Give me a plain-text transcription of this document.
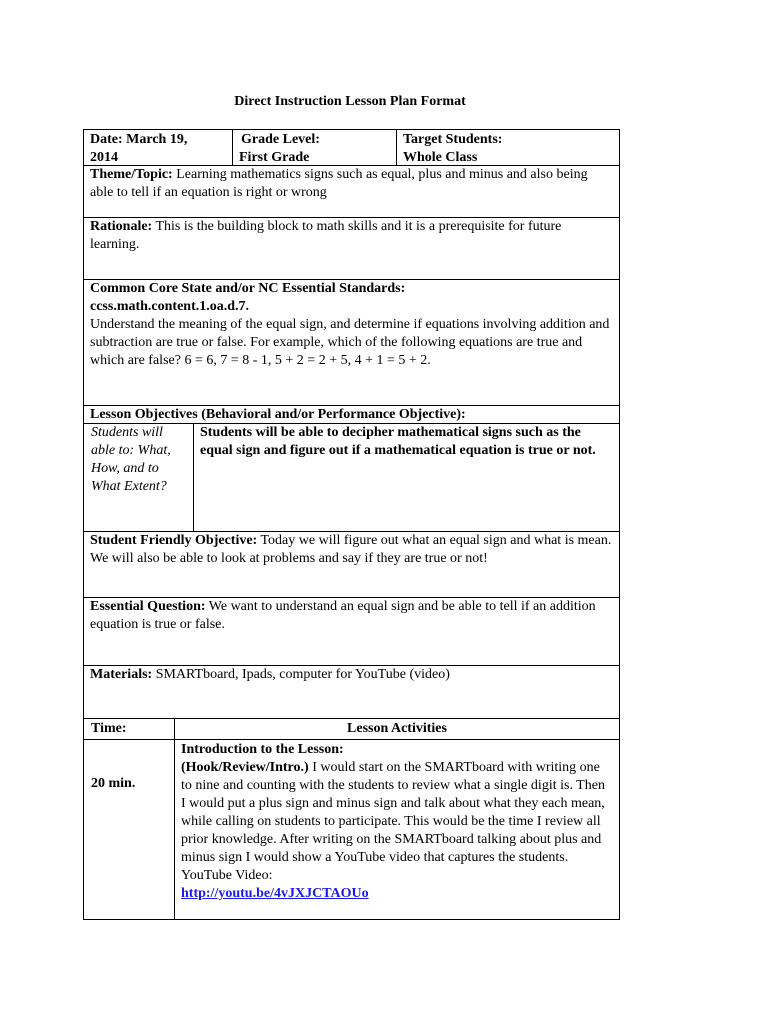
Direct Instruction Lesson Plan Format
Date: March 19,
2014
Grade Level:
First Grade
Target Students:
Whole Class
Theme/Topic: Learning mathematics signs such as equal, plus and minus and also being able to tell if an equation is right or wrong
Rationale: This is the building block to math skills and it is a prerequisite for future learning.
Common Core State and/or NC Essential Standards:
ccss.math.content.1.oa.d.7.
Understand the meaning of the equal sign, and determine if equations involving addition and subtraction are true or false. For example, which of the following equations are true and which are false? 6 = 6, 7 = 8 - 1, 5 + 2 = 2 + 5, 4 + 1 = 5 + 2.
Lesson Objectives (Behavioral and/or Performance Objective):
Students will able to: What, How, and to What Extent?
Students will be able to decipher mathematical signs such as the equal sign and figure out if a mathematical equation is true or not.
Student Friendly Objective: Today we will figure out what an equal sign and what is mean. We will also be able to look at problems and say if they are true or not!
Essential Question: We want to understand an equal sign and be able to tell if an addition equation is true or false.
Materials: SMARTboard, Ipads, computer for YouTube (video)
Time:	Lesson Activities
20 min.
Introduction to the Lesson:
(Hook/Review/Intro.) I would start on the SMARTboard with writing one to nine and counting with the students to review what a single digit is. Then I would put a plus sign and minus sign and talk about what they each mean, while calling on students to participate. This would be the time I review all prior knowledge. After writing on the SMARTboard talking about plus and minus sign I would show a YouTube video that captures the students.
YouTube Video:
http://youtu.be/4vJXJCTAOUo
